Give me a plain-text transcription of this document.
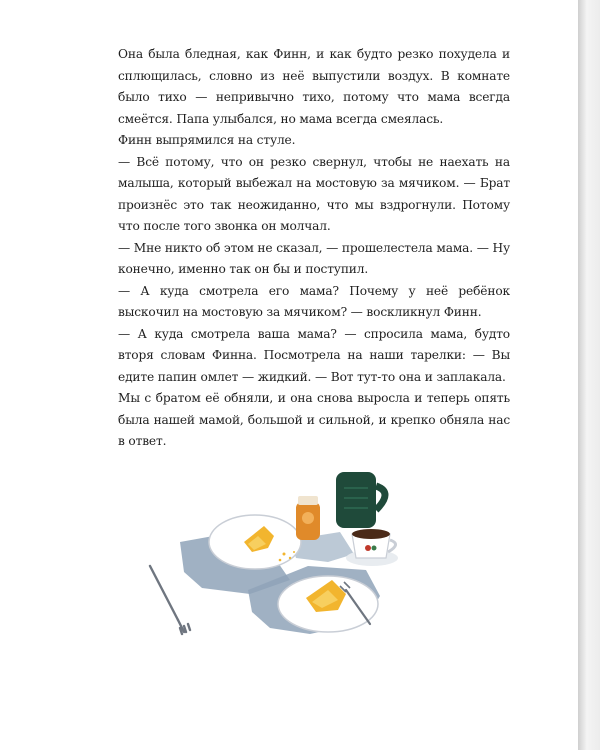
Она была бледная, как Финн, и как будто резко похудела и сплющилась, словно из неё выпустили воздух. В комнате было тихо — непривычно тихо, потому что мама всегда смеётся. Папа улыбался, но мама всегда смеялась.

Финн выпрямился на стуле.

— Всё потому, что он резко свернул, чтобы не наехать на малыша, который выбежал на мостовую за мячиком. — Брат произнёс это так неожиданно, что мы вздрогнули. Потому что после того звонка он молчал.

— Мне никто об этом не сказал, — прошелестела мама. — Ну конечно, именно так он бы и поступил.

— А куда смотрела его мама? Почему у неё ребёнок выскочил на мостовую за мячиком? — воскликнул Финн.

— А куда смотрела ваша мама? — спросила мама, будто вторя словам Финна. Посмотрела на наши тарелки: — Вы едите папин омлет — жидкий. — Вот тут-то она и заплакала.

Мы с братом её обняли, и она снова выросла и теперь опять была нашей мамой, большой и сильной, и крепко обняла нас в ответ.
